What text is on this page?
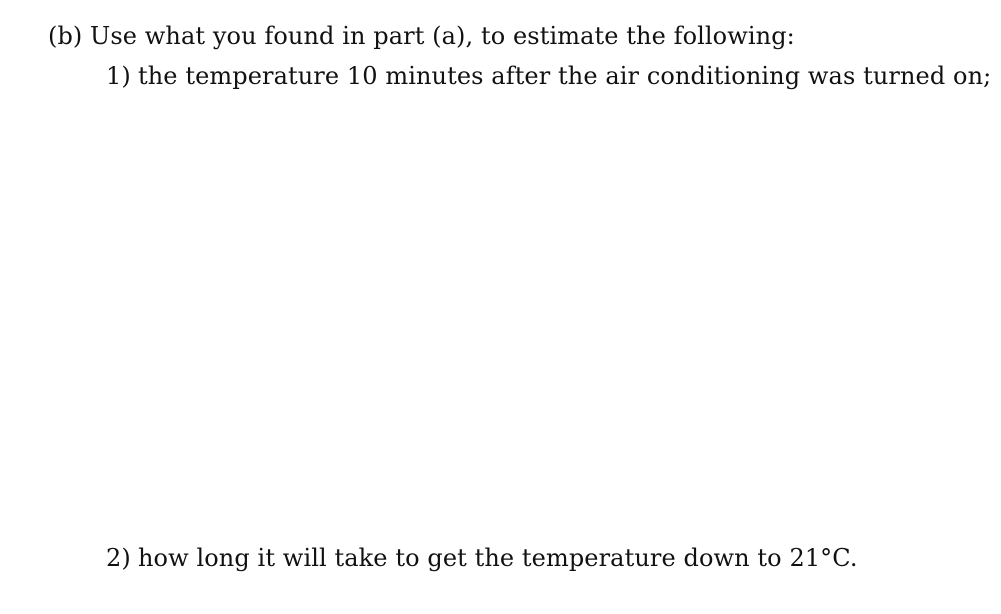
(b) Use what you found in part (a), to estimate the following:
1) the temperature 10 minutes after the air conditioning was turned on;
2) how long it will take to get the temperature down to 21°C.
